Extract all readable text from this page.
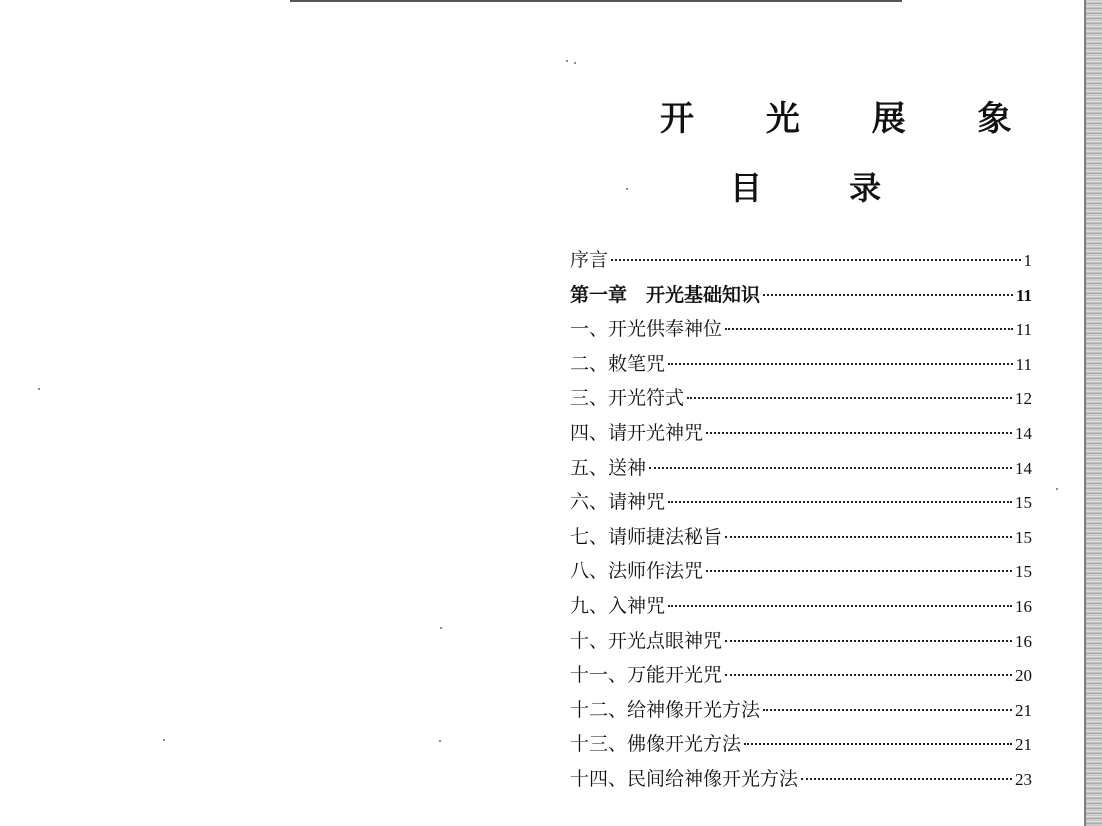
开 光 展 象
目 录
序言	1
第一章　开光基础知识	11
一、开光供奉神位	11
二、敕笔咒	11
三、开光符式	12
四、请开光神咒	14
五、送神	14
六、请神咒	15
七、请师捷法秘旨	15
八、法师作法咒	15
九、入神咒	16
十、开光点眼神咒	16
十一、万能开光咒	20
十二、给神像开光方法	21
十三、佛像开光方法	21
十四、民间给神像开光方法	23
